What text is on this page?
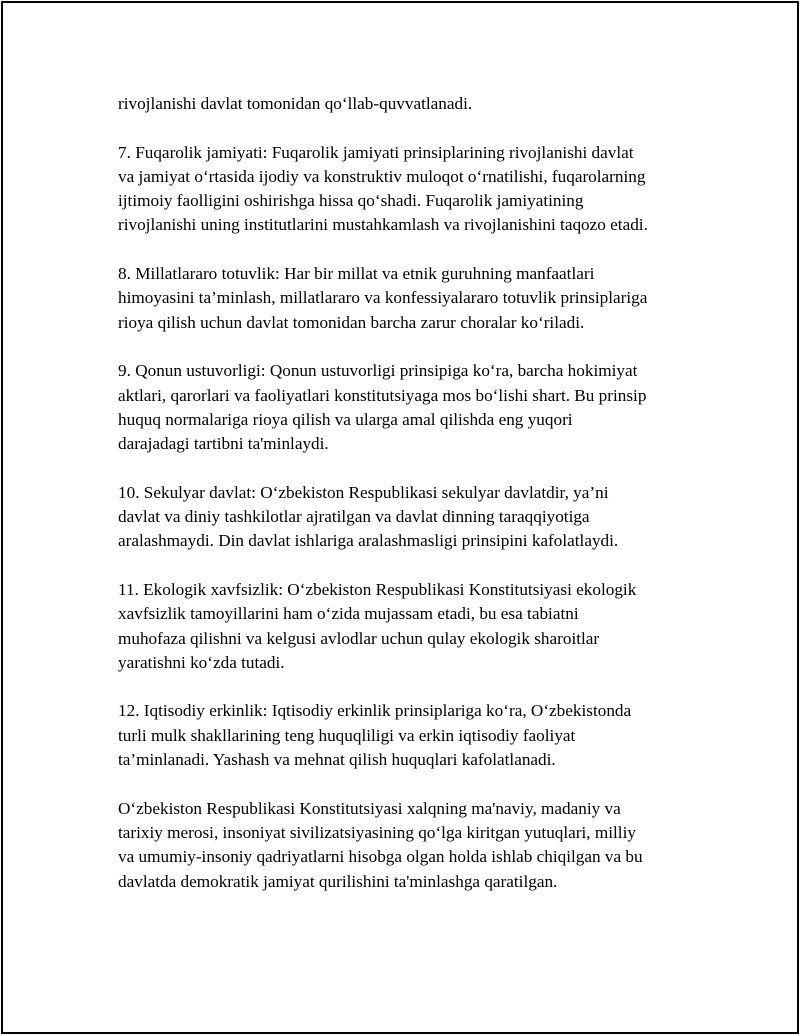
rivojlanishi davlat tomonidan qo‘llab-quvvatlanadi.

7. Fuqarolik jamiyati: Fuqarolik jamiyati prinsiplarining rivojlanishi davlat
va jamiyat o‘rtasida ijodiy va konstruktiv muloqot o‘rnatilishi, fuqarolarning
ijtimoiy faolligini oshirishga hissa qo‘shadi. Fuqarolik jamiyatining
rivojlanishi uning institutlarini mustahkamlash va rivojlanishini taqozo etadi.

8. Millatlararo totuvlik: Har bir millat va etnik guruhning manfaatlari
himoyasini ta’minlash, millatlararo va konfessiyalararo totuvlik prinsiplariga
rioya qilish uchun davlat tomonidan barcha zarur choralar ko‘riladi.

9. Qonun ustuvorligi: Qonun ustuvorligi prinsipiga ko‘ra, barcha hokimiyat
aktlari, qarorlari va faoliyatlari konstitutsiyaga mos bo‘lishi shart. Bu prinsip
huquq normalariga rioya qilish va ularga amal qilishda eng yuqori
darajadagi tartibni ta'minlaydi.

10. Sekulyar davlat: O‘zbekiston Respublikasi sekulyar davlatdir, ya’ni
davlat va diniy tashkilotlar ajratilgan va davlat dinning taraqqiyotiga
aralashmaydi. Din davlat ishlariga aralashmasligi prinsipini kafolatlaydi.

11. Ekologik xavfsizlik: O‘zbekiston Respublikasi Konstitutsiyasi ekologik
xavfsizlik tamoyillarini ham o‘zida mujassam etadi, bu esa tabiatni
muhofaza qilishni va kelgusi avlodlar uchun qulay ekologik sharoitlar
yaratishni ko‘zda tutadi.

12. Iqtisodiy erkinlik: Iqtisodiy erkinlik prinsiplariga ko‘ra, O‘zbekistonda
turli mulk shakllarining teng huquqliligi va erkin iqtisodiy faoliyat
ta’minlanadi. Yashash va mehnat qilish huquqlari kafolatlanadi.

O‘zbekiston Respublikasi Konstitutsiyasi xalqning ma'naviy, madaniy va
tarixiy merosi, insoniyat sivilizatsiyasining qo‘lga kiritgan yutuqlari, milliy
va umumiy-insoniy qadriyatlarni hisobga olgan holda ishlab chiqilgan va bu
davlatda demokratik jamiyat qurilishini ta'minlashga qaratilgan.
